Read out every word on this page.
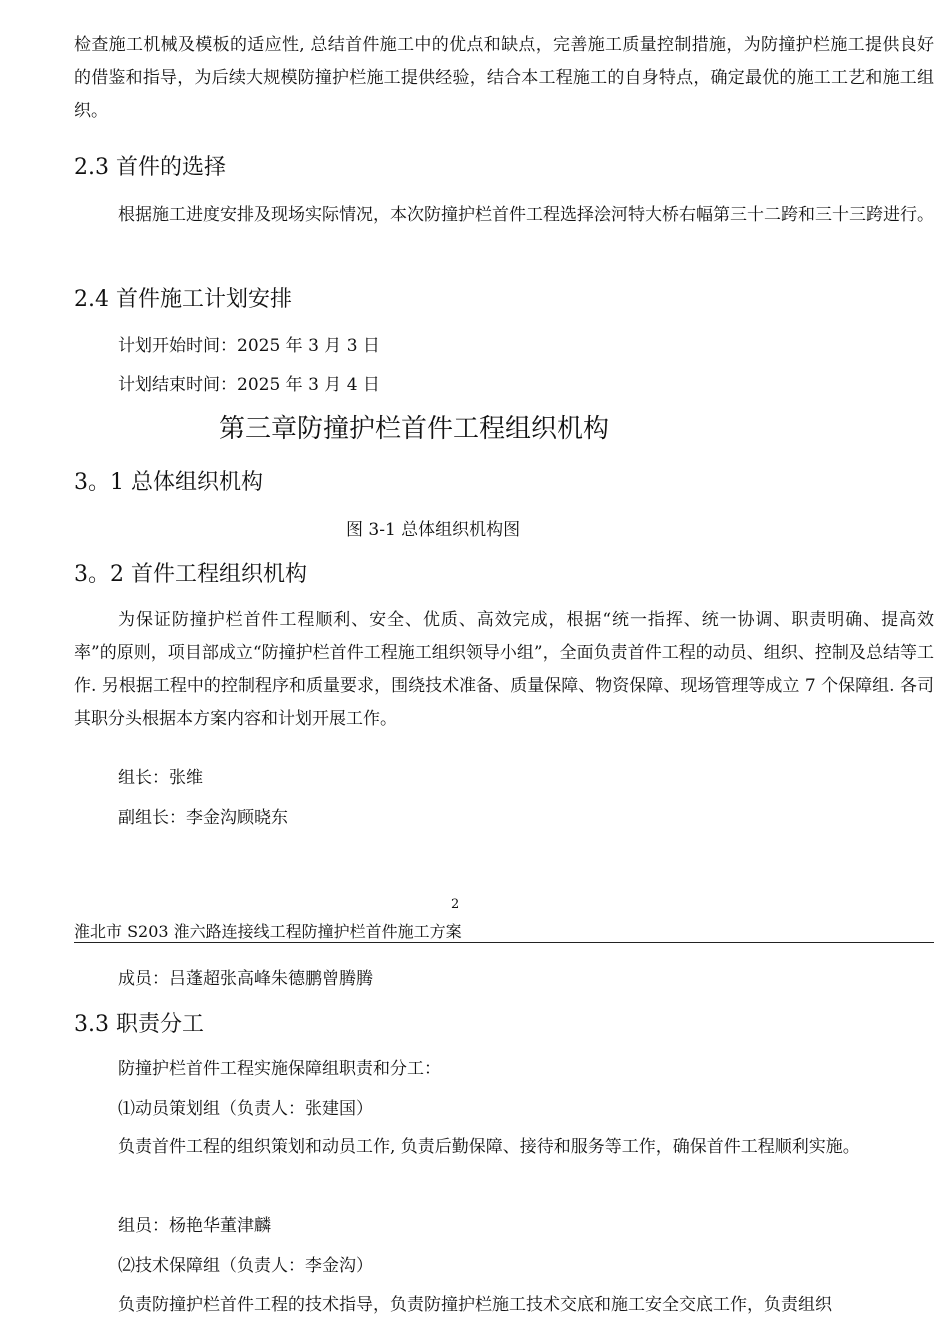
检查施工机械及模板的适应性, 总结首件施工中的优点和缺点，完善施工质量控制措施，为防撞护栏施工提供良好的借鉴和指导，为后续大规模防撞护栏施工提供经验，结合本工程施工的自身特点，确定最优的施工工艺和施工组织。

2.3 首件的选择

根据施工进度安排及现场实际情况，本次防撞护栏首件工程选择浍河特大桥右幅第三十二跨和三十三跨进行。

2.4 首件施工计划安排

计划开始时间：2025 年 3 月 3 日

计划结束时间：2025 年 3 月 4 日

第三章防撞护栏首件工程组织机构
3。1 总体组织机构

图 3-1 总体组织机构图

3。2 首件工程组织机构

为保证防撞护栏首件工程顺利、安全、优质、高效完成，根据“统一指挥、统一协调、职责明确、提高效率”的原则，项目部成立“防撞护栏首件工程施工组织领导小组”，全面负责首件工程的动员、组织、控制及总结等工作. 另根据工程中的控制程序和质量要求，围绕技术准备、质量保障、物资保障、现场管理等成立 7 个保障组. 各司其职分头根据本方案内容和计划开展工作。

组长：张维

副组长：李金沟顾晓东

2

淮北市 S203 淮六路连接线工程防撞护栏首件施工方案

成员：吕蓬超张高峰朱德鹏曾腾腾

3.3 职责分工

防撞护栏首件工程实施保障组职责和分工：

⑴动员策划组（负责人：张建国）

负责首件工程的组织策划和动员工作, 负责后勤保障、接待和服务等工作，确保首件工程顺利实施。

组员：杨艳华董津麟

⑵技术保障组（负责人：李金沟）

负责防撞护栏首件工程的技术指导，负责防撞护栏施工技术交底和施工安全交底工作，负责组织
